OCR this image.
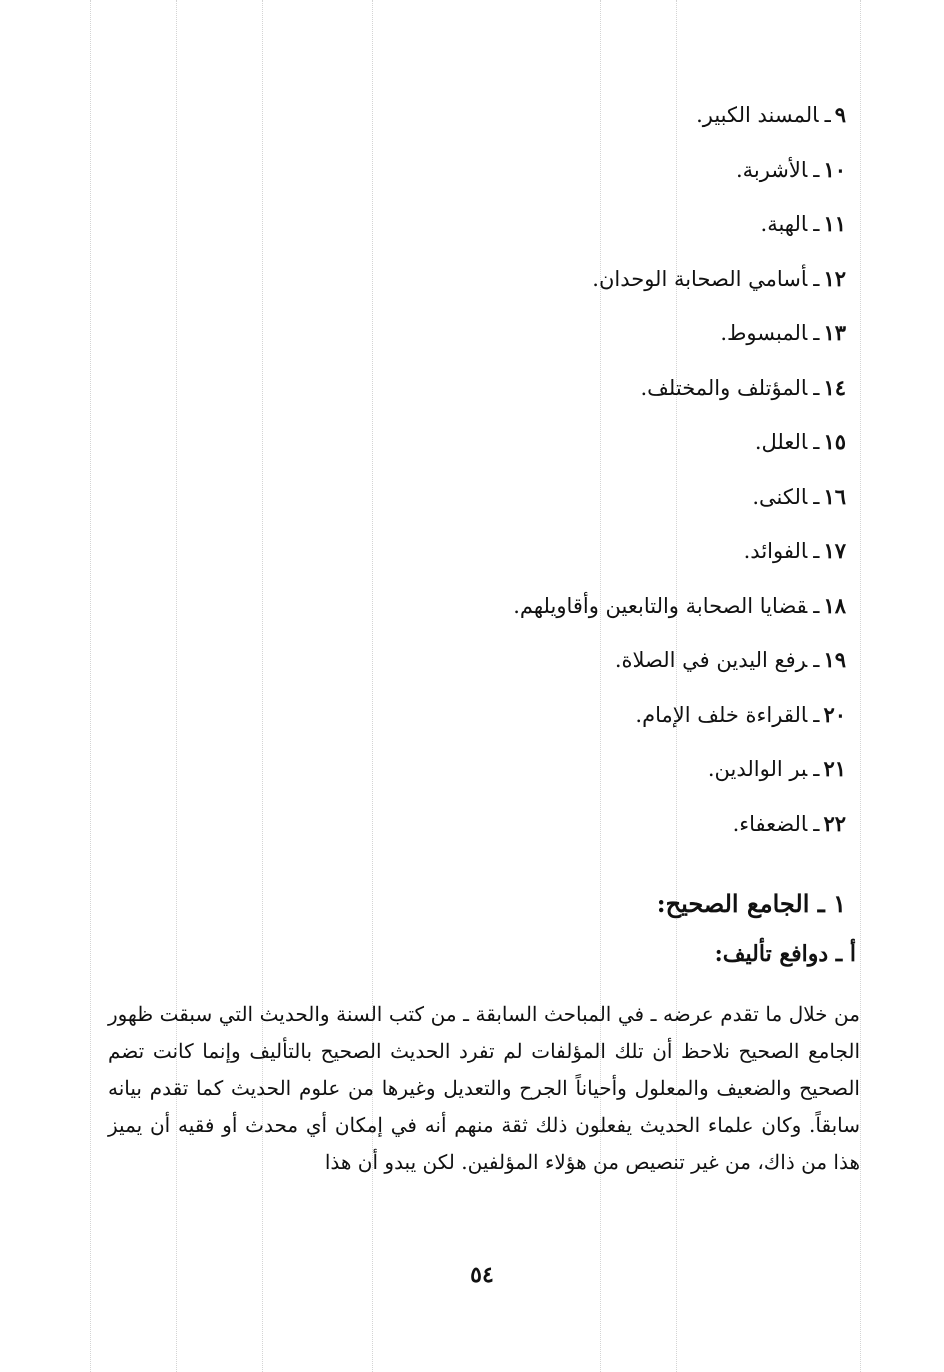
٩ـالمسند الكبير.
١٠ـالأشربة.
١١ـالهبة.
١٢ـأسامي الصحابة الوحدان.
١٣ـالمبسوط.
١٤ـالمؤتلف والمختلف.
١٥ـالعلل.
١٦ـالكنى.
١٧ـالفوائد.
١٨ـقضايا الصحابة والتابعين وأقاويلهم.
١٩ـرفع اليدين في الصلاة.
٢٠ـالقراءة خلف الإمام.
٢١ـبر الوالدين.
٢٢ـالضعفاء.
١ ـ الجامع الصحيح:
أ ـ دوافع تأليف:

من خلال ما تقدم عرضه ـ في المباحث السابقة ـ من كتب السنة والحديث التي سبقت ظهور الجامع الصحيح نلاحظ أن تلك المؤلفات لم تفرد الحديث الصحيح بالتأليف وإنما كانت تضم الصحيح والضعيف والمعلول وأحياناً الجرح والتعديل وغيرها من علوم الحديث كما تقدم بيانه سابقاً. وكان علماء الحديث يفعلون ذلك ثقة منهم أنه في إمكان أي محدث أو فقيه أن يميز هذا من ذاك، من غير تنصيص من هؤلاء المؤلفين. لكن يبدو أن هذا

٥٤
